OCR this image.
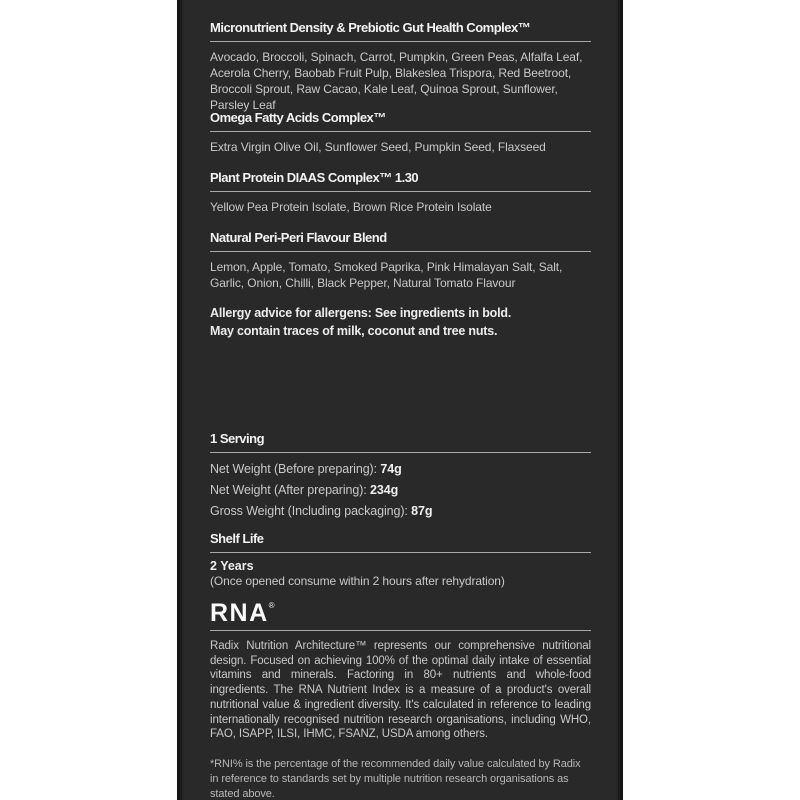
Micronutrient Density & Prebiotic Gut Health Complex™

Avocado, Broccoli, Spinach, Carrot, Pumpkin, Green Peas, Alfalfa Leaf, Acerola Cherry, Baobab Fruit Pulp, Blakeslea Trispora, Red Beetroot, Broccoli Sprout, Raw Cacao, Kale Leaf, Quinoa Sprout, Sunflower, Parsley Leaf

Omega Fatty Acids Complex™

Extra Virgin Olive Oil, Sunflower Seed, Pumpkin Seed, Flaxseed

Plant Protein DIAAS Complex™ 1.30

Yellow Pea Protein Isolate, Brown Rice Protein Isolate

Natural Peri-Peri Flavour Blend

Lemon, Apple, Tomato, Smoked Paprika, Pink Himalayan Salt, Salt, Garlic, Onion, Chilli, Black Pepper, Natural Tomato Flavour

Allergy advice for allergens: See ingredients in bold.
May contain traces of milk, coconut and tree nuts.
1 Serving
Net Weight (Before preparing): 74g
Net Weight (After preparing): 234g
Gross Weight (Including packaging): 87g
Shelf Life
2 Years
(Once opened consume within 2 hours after rehydration)
RNA®

Radix Nutrition Architecture™ represents our comprehensive nutritional design. Focused on achieving 100% of the optimal daily intake of essential vitamins and minerals. Factoring in 80+ nutrients and whole-food ingredients. The RNA Nutrient Index is a measure of a product's overall nutritional value & ingredient diversity. It's calculated in reference to leading internationally recognised nutrition research organisations, including WHO, FAO, ISAPP, ILSI, IHMC, FSANZ, USDA among others.

*RNI% is the percentage of the recommended daily value calculated by Radix in reference to standards set by multiple nutrition research organisations as stated above.
